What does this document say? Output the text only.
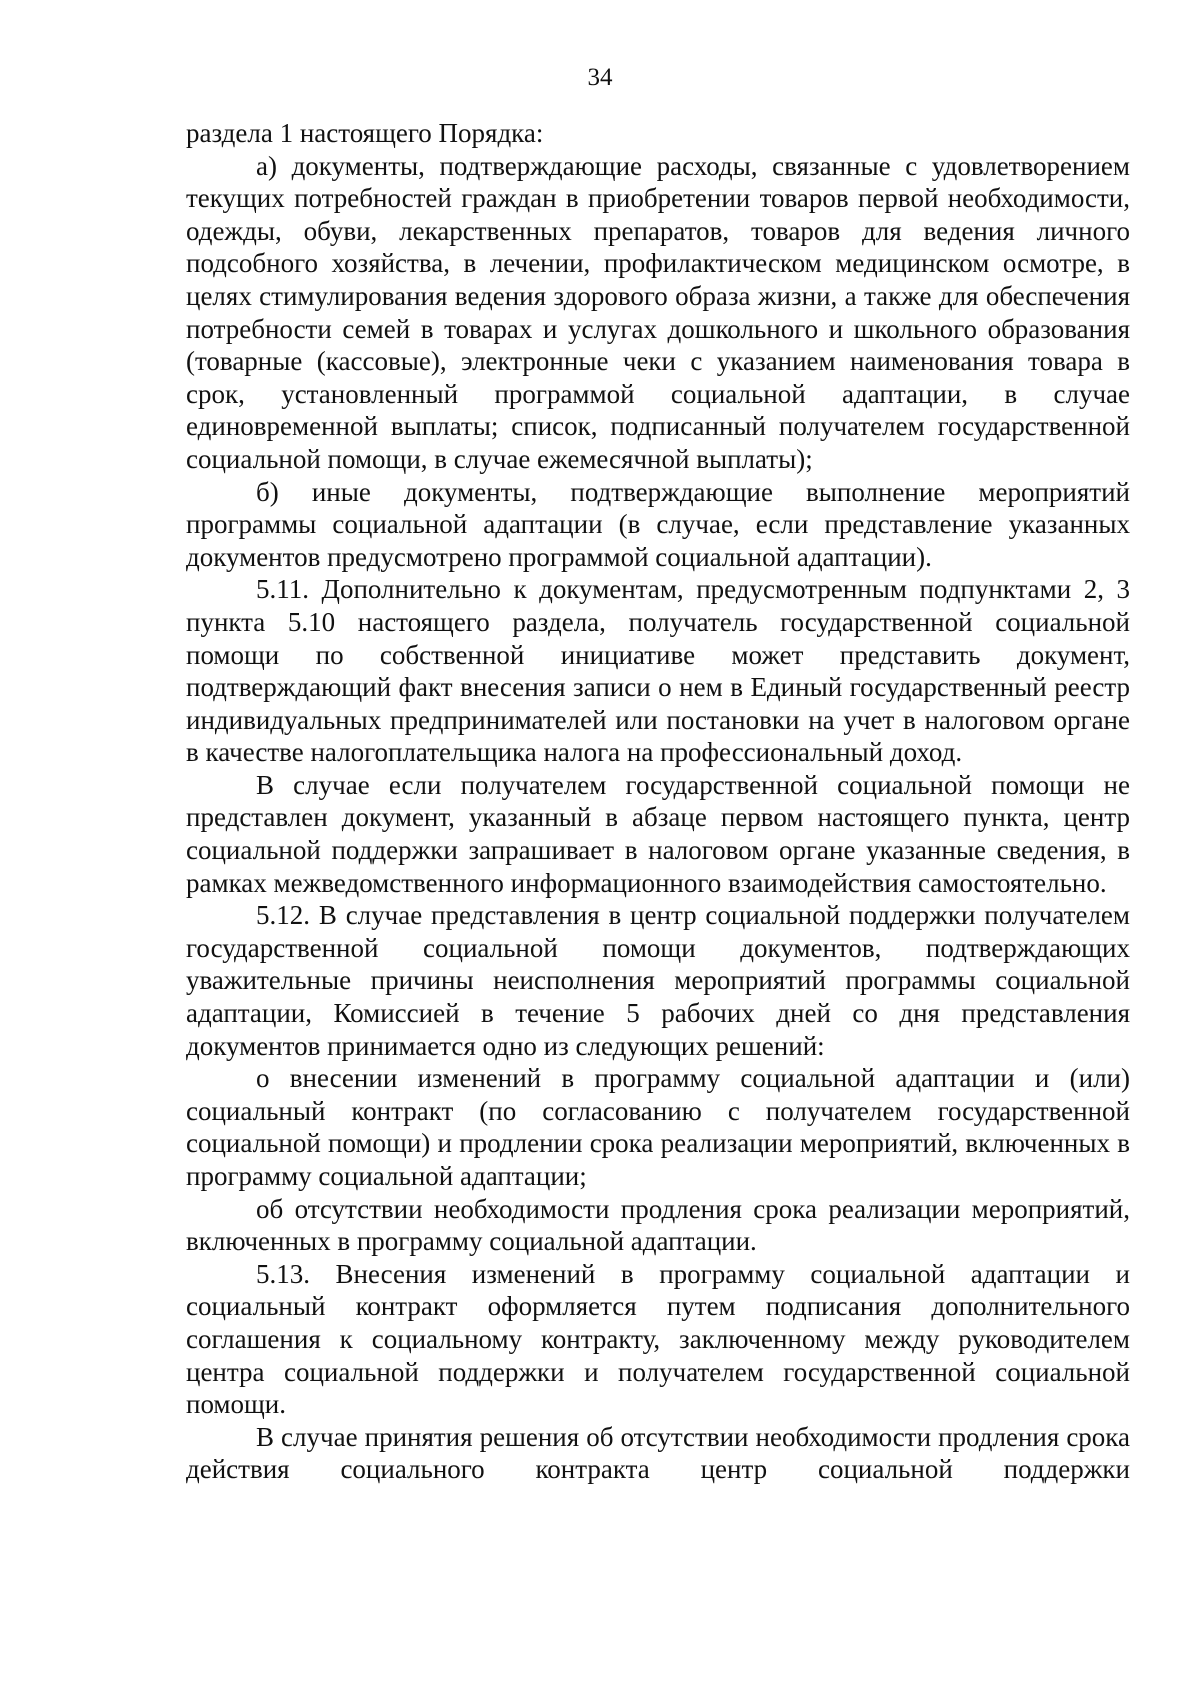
34

раздела 1 настоящего Порядка:

а) документы, подтверждающие расходы, связанные с удовлетворением текущих потребностей граждан в приобретении товаров первой необходимости, одежды, обуви, лекарственных препаратов, товаров для ведения личного подсобного хозяйства, в лечении, профилактическом медицинском осмотре, в целях стимулирования ведения здорового образа жизни, а также для обеспечения потребности семей в товарах и услугах дошкольного и школьного образования (товарные (кассовые), электронные чеки с указанием наименования товара в срок, установленный программой социальной адаптации, в случае единовременной выплаты; список, подписанный получателем государственной социальной помощи, в случае ежемесячной выплаты);

б) иные документы, подтверждающие выполнение мероприятий программы социальной адаптации (в случае, если представление указанных документов предусмотрено программой социальной адаптации).

5.11. Дополнительно к документам, предусмотренным подпунктами 2, 3 пункта 5.10 настоящего раздела, получатель государственной социальной помощи по собственной инициативе может представить документ, подтверждающий факт внесения записи о нем в Единый государственный реестр индивидуальных предпринимателей или постановки на учет в налоговом органе в качестве налогоплательщика налога на профессиональный доход.

В случае если получателем государственной социальной помощи не представлен документ, указанный в абзаце первом настоящего пункта, центр социальной поддержки запрашивает в налоговом органе указанные сведения, в рамках межведомственного информационного взаимодействия самостоятельно.

5.12. В случае представления в центр социальной поддержки получателем государственной социальной помощи документов, подтверждающих уважительные причины неисполнения мероприятий программы социальной адаптации, Комиссией в течение 5 рабочих дней со дня представления документов принимается одно из следующих решений:

о внесении изменений в программу социальной адаптации и (или) социальный контракт (по согласованию с получателем государственной социальной помощи) и продлении срока реализации мероприятий, включенных в программу социальной адаптации;

об отсутствии необходимости продления срока реализации мероприятий, включенных в программу социальной адаптации.

5.13. Внесения изменений в программу социальной адаптации и социальный контракт оформляется путем подписания дополнительного соглашения к социальному контракту, заключенному между руководителем центра социальной поддержки и получателем государственной социальной помощи.

В случае принятия решения об отсутствии необходимости продления срока действия социального контракта центр социальной поддержки
